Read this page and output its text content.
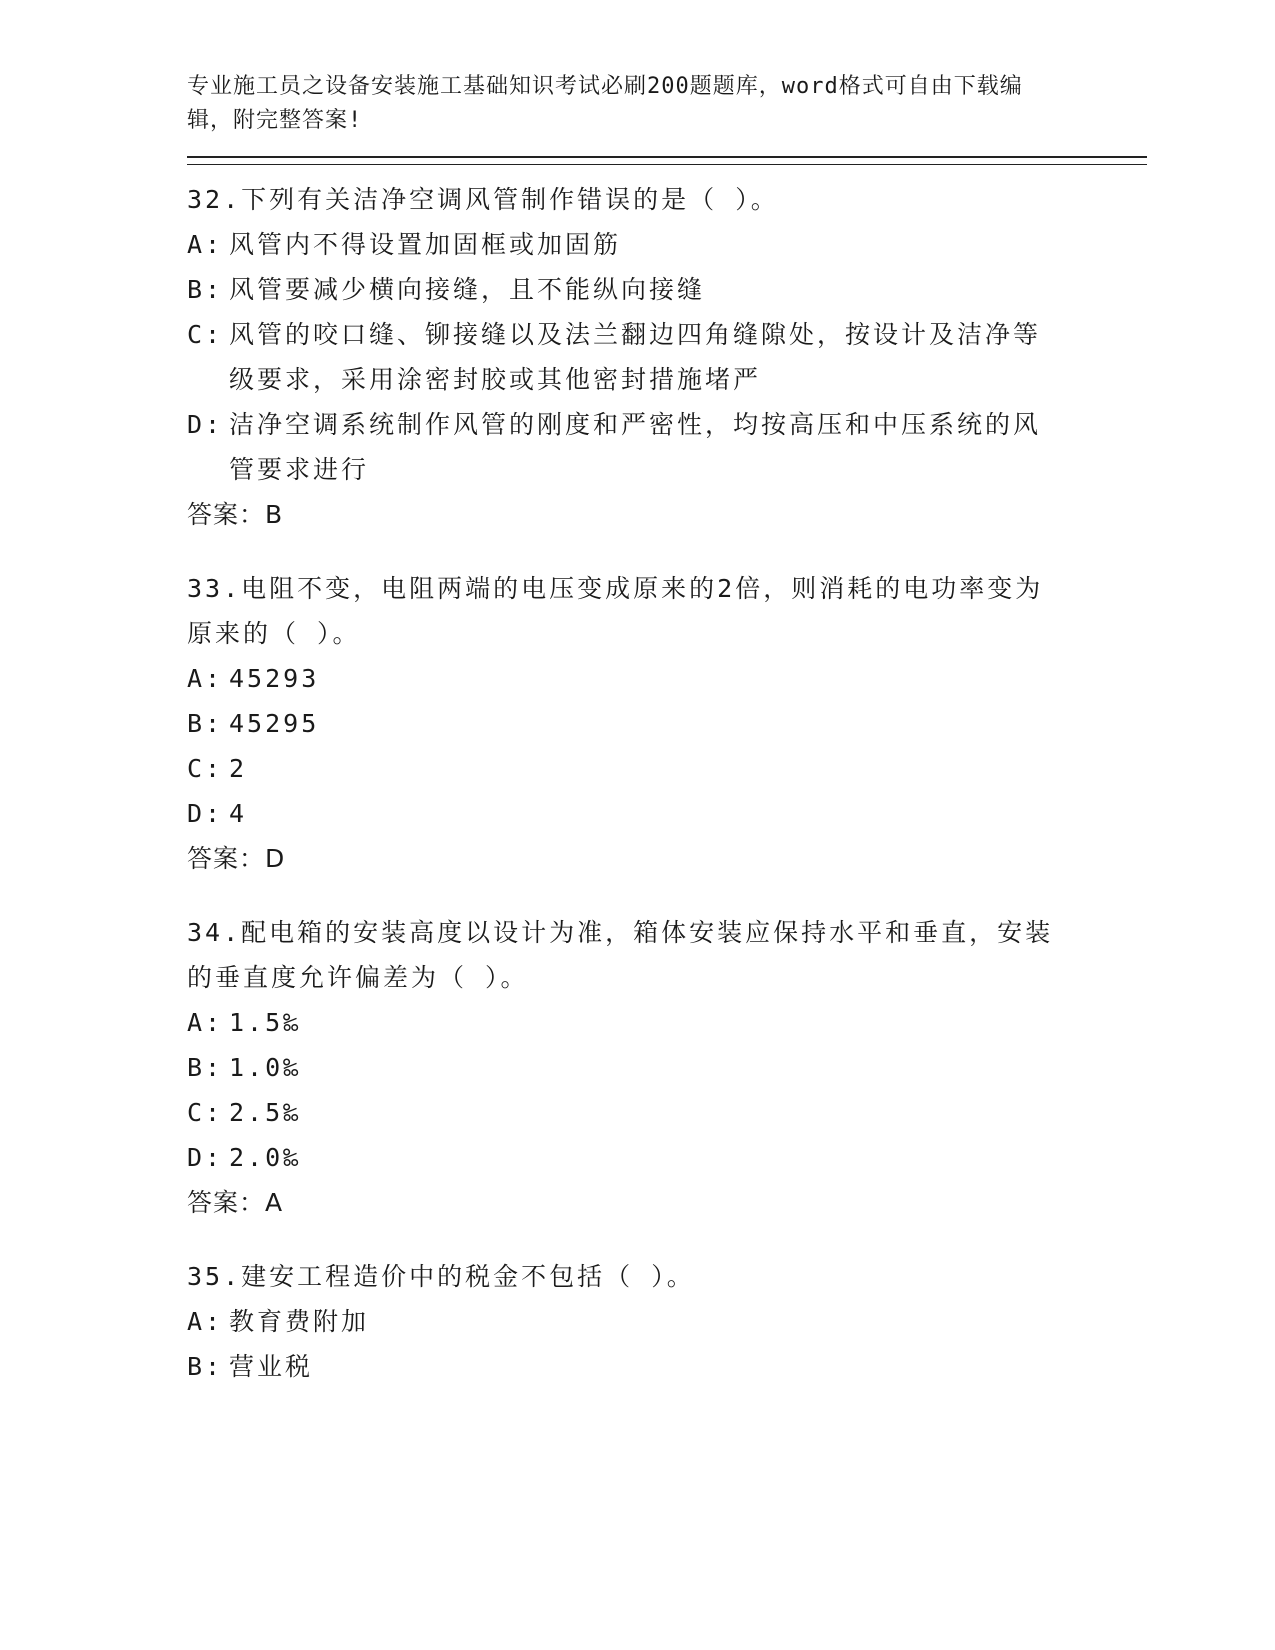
专业施工员之设备安装施工基础知识考试必刷200题题库，word格式可自由下载编辑，附完整答案!
32.下列有关洁净空调风管制作错误的是（ ）。
A: 风管内不得设置加固框或加固筋
B: 风管要减少横向接缝，且不能纵向接缝
C: 风管的咬口缝、铆接缝以及法兰翻边四角缝隙处，按设计及洁净等级要求，采用涂密封胶或其他密封措施堵严
D: 洁净空调系统制作风管的刚度和严密性，均按高压和中压系统的风管要求进行
答案：B
33.电阻不变，电阻两端的电压变成原来的2倍，则消耗的电功率变为原来的（ ）。
A: 45293
B: 45295
C: 2
D: 4
答案：D
34.配电箱的安装高度以设计为准，箱体安装应保持水平和垂直，安装的垂直度允许偏差为（ ）。
A: 1.5‰
B: 1.0‰
C: 2.5‰
D: 2.0‰
答案：A
35.建安工程造价中的税金不包括（ ）。
A: 教育费附加
B: 营业税
